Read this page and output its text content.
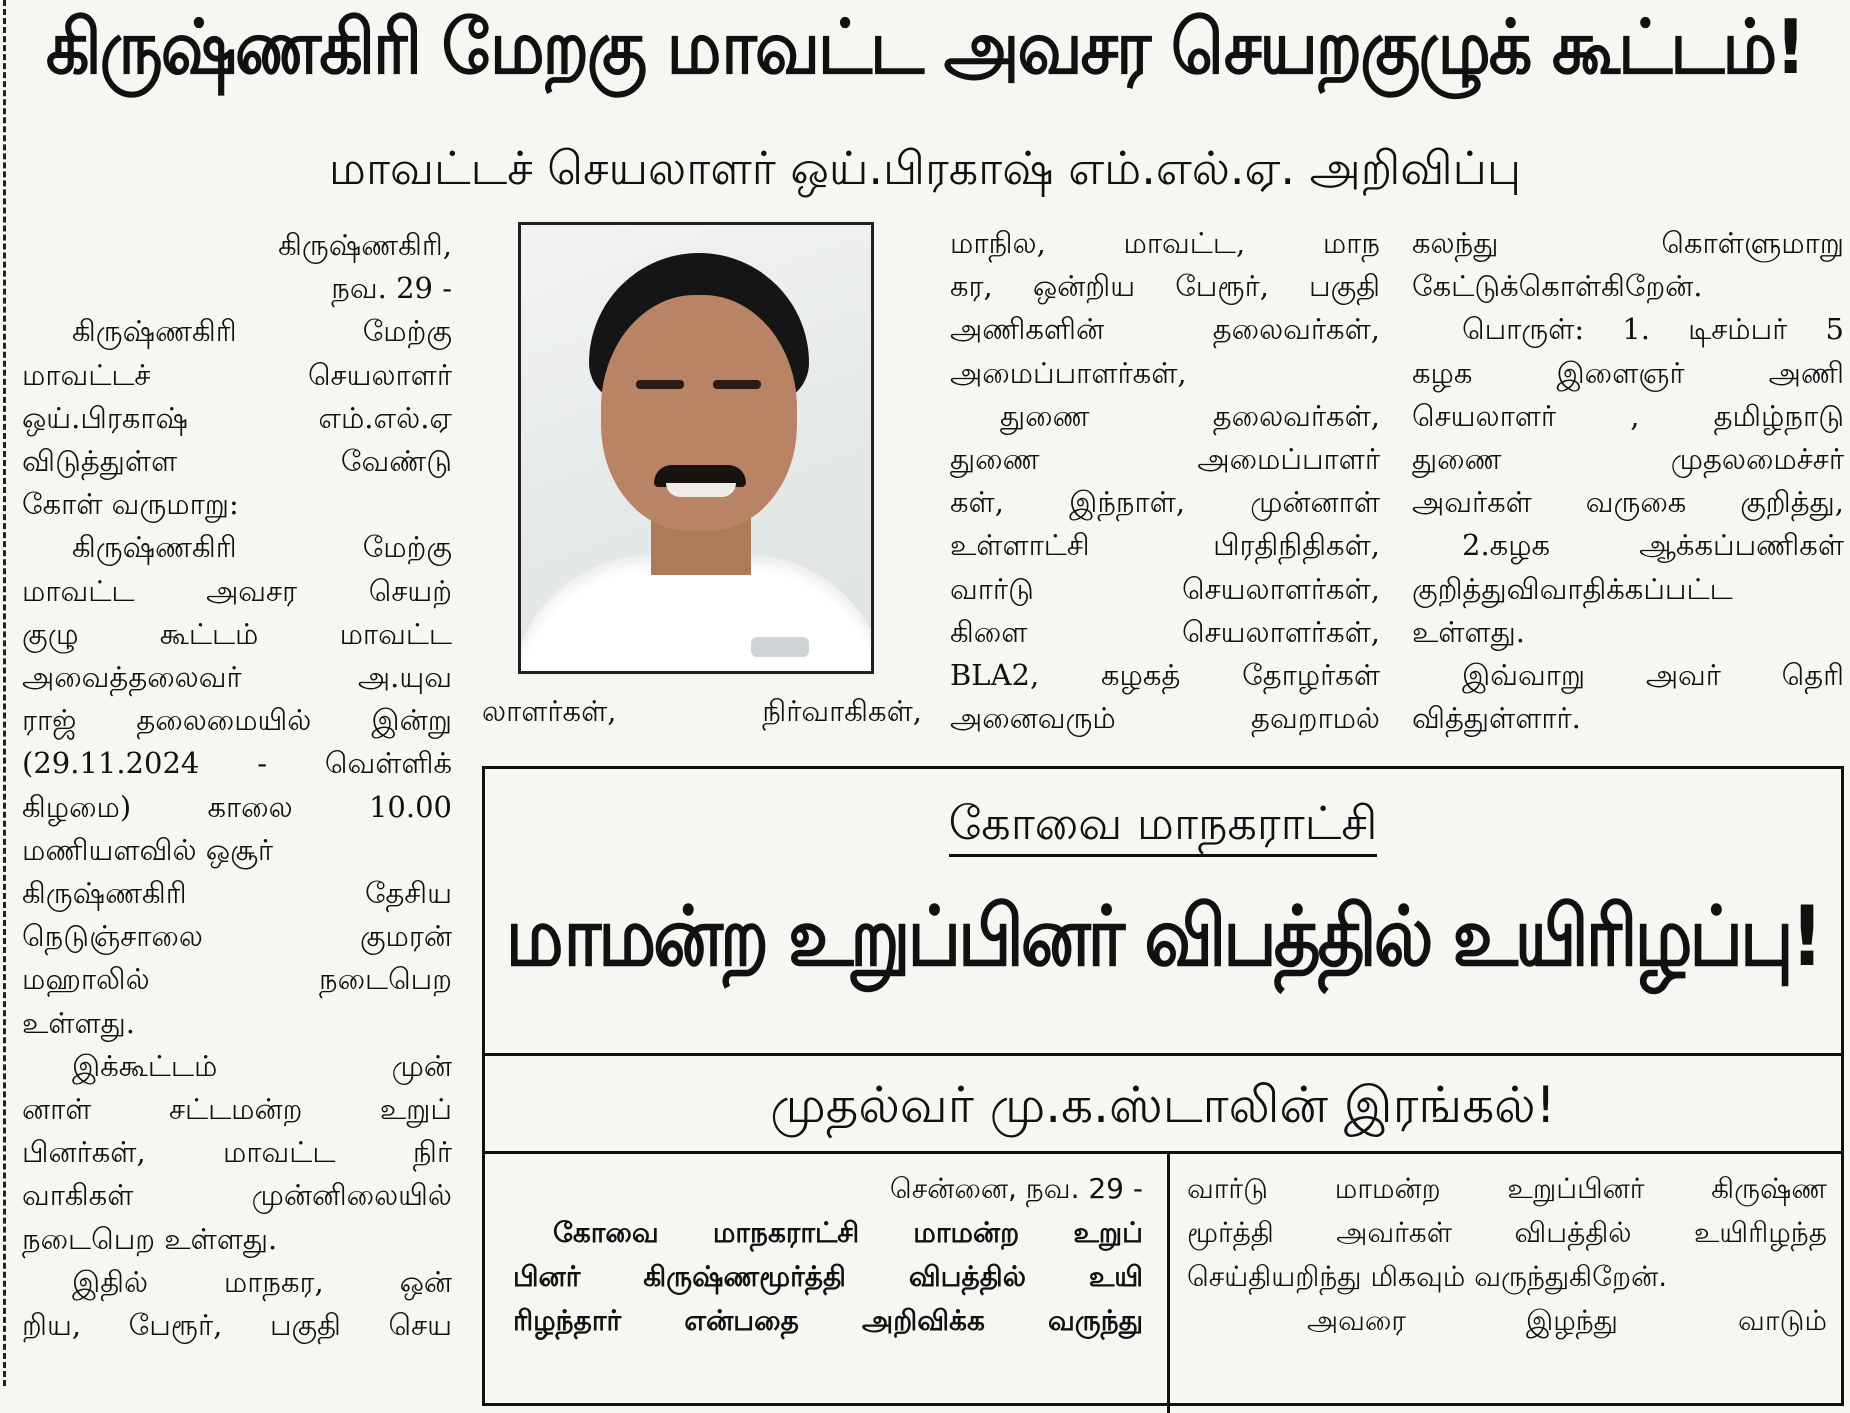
கிருஷ்ணகிரி மேறகு மாவட்ட அவசர செயறகுழுக் கூட்டம்!
மாவட்டச் செயலாளர் ஒய்.பிரகாஷ் எம்.எல்.ஏ. அறிவிப்பு

கிருஷ்ணகிரி,

நவ. 29 -

கிருஷ்ணகிரி மேற்கு

மாவட்டச் செயலாளர்

ஒய்.பிரகாஷ் எம்.எல்.ஏ

விடுத்துள்ள வேண்டு

கோள் வருமாறு:

கிருஷ்ணகிரி மேற்கு

மாவட்ட அவசர செயற்

குழு கூட்டம் மாவட்ட

அவைத்தலைவர் அ.யுவ

ராஜ் தலைமையில் இன்று

(29.11.2024 - வெள்ளிக்

கிழமை) காலை 10.00

மணியளவில் ஒசூர்

கிருஷ்ணகிரி தேசிய

நெடுஞ்சாலை குமரன்

மஹாலில் நடைபெற

உள்ளது.

இக்கூட்டம் முன்

னாள் சட்டமன்ற உறுப்

பினர்கள், மாவட்ட நிர்

வாகிகள் முன்னிலையில்

நடைபெற உள்ளது.

இதில் மாநகர, ஒன்

றிய, பேரூர், பகுதி செய

லாளர்கள், நிர்வாகிகள்,

மாநில, மாவட்ட, மாந

கர, ஒன்றிய பேரூர், பகுதி

அணிகளின் தலைவர்கள்,

அமைப்பாளர்கள்,

துணை தலைவர்கள்,

துணை அமைப்பாளர்

கள், இந்நாள், முன்னாள்

உள்ளாட்சி பிரதிநிதிகள்,

வார்டு செயலாளர்கள்,

கிளை செயலாளர்கள்,

BLA2, கழகத் தோழர்கள்

அனைவரும் தவறாமல்

கலந்து கொள்ளுமாறு

கேட்டுக்கொள்கிறேன்.

பொருள்: 1. டிசம்பர் 5

கழக இளைஞர் அணி

செயலாளர் , தமிழ்நாடு

துணை முதலமைச்சர்

அவர்கள் வருகை குறித்து,

2.கழக ஆக்கப்பணிகள்

குறித்துவிவாதிக்கப்பட்ட

உள்ளது.

இவ்வாறு அவர் தெரி

வித்துள்ளார்.

கோவை மாநகராட்சி
மாமன்ற உறுப்பினர் விபத்தில் உயிரிழப்பு!
முதல்வர் மு.க.ஸ்டாலின் இரங்கல்!

சென்னை, நவ. 29 -

கோவை மாநகராட்சி மாமன்ற உறுப்

பினர் கிருஷ்ணமூர்த்தி விபத்தில் உயி

ரிழந்தார் என்பதை அறிவிக்க வருந்து

வார்டு மாமன்ற உறுப்பினர் கிருஷ்ண

மூர்த்தி அவர்கள் விபத்தில் உயிரிழந்த

செய்தியறிந்து மிகவும் வருந்துகிறேன்.

அவரை இழந்து வாடும்
